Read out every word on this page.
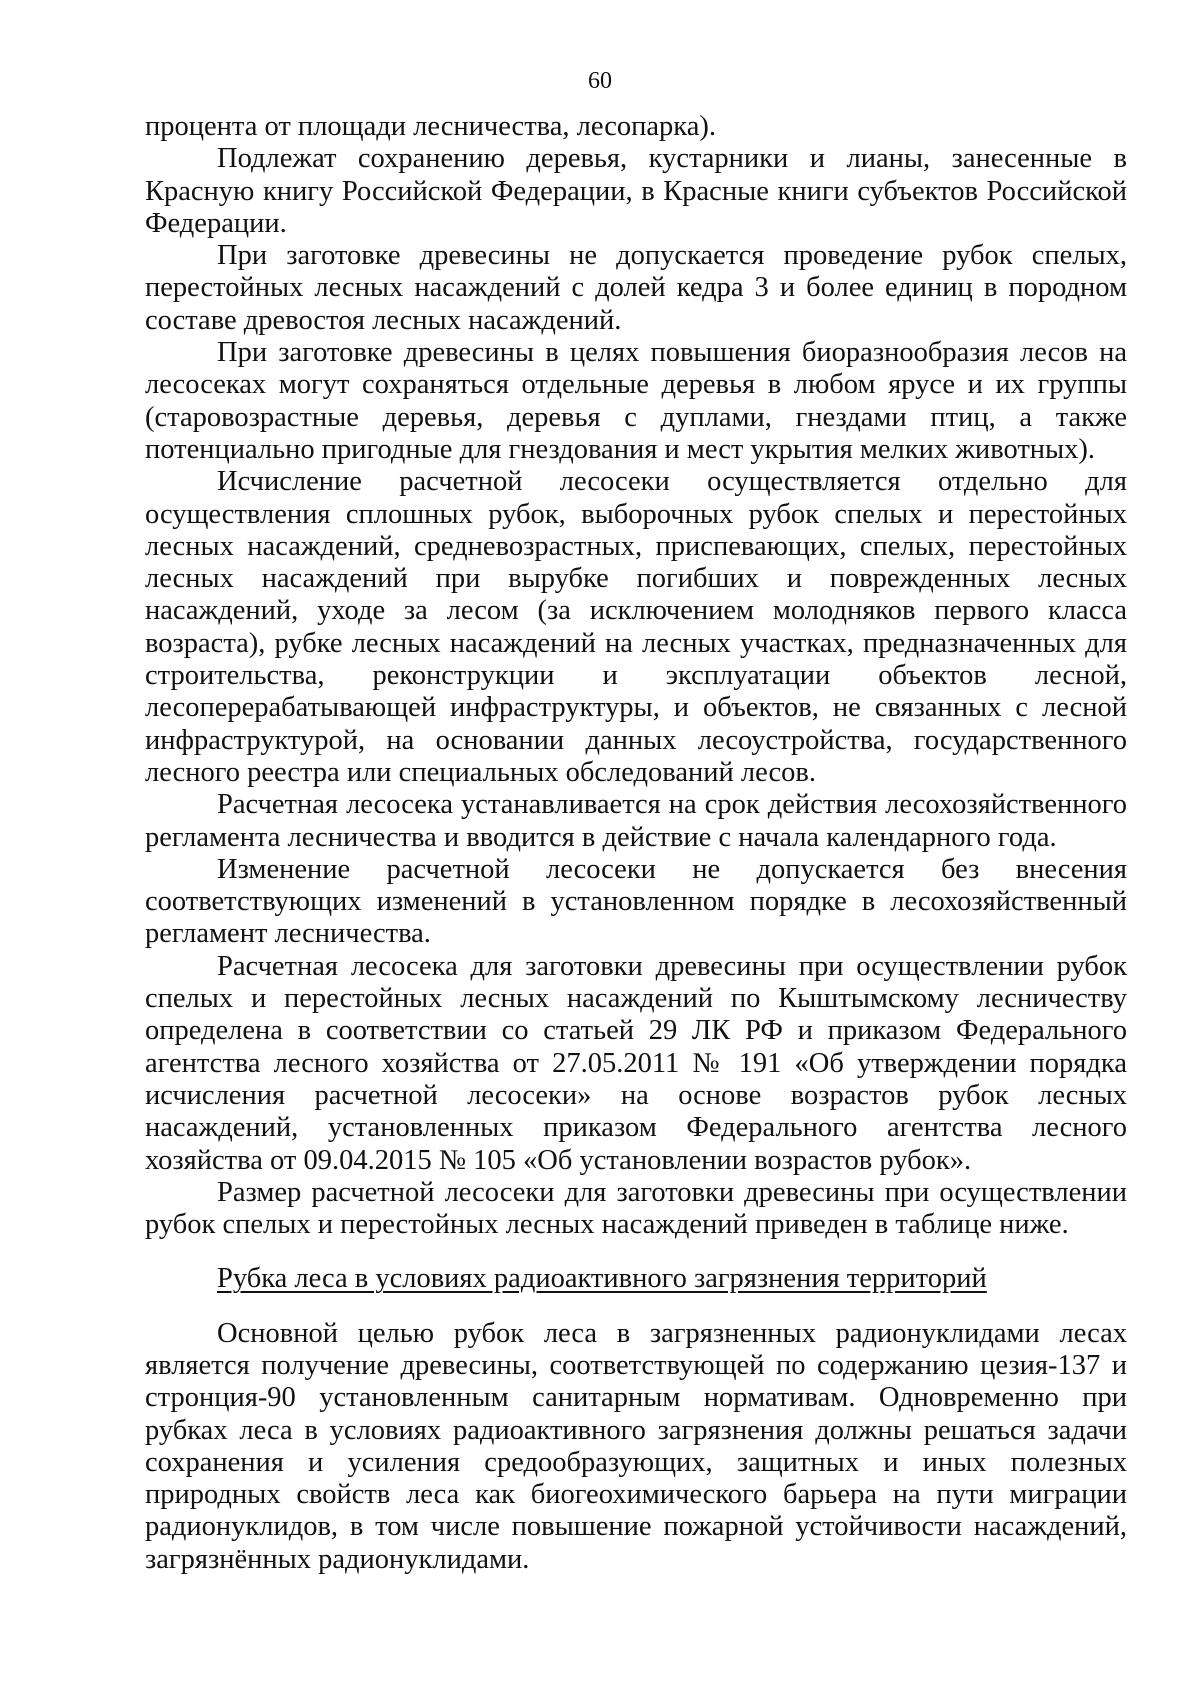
60

процента от площади лесничества, лесопарка).

Подлежат сохранению деревья, кустарники и лианы, занесенные в Красную книгу Российской Федерации, в Красные книги субъектов Российской Федерации.

При заготовке древесины не допускается проведение рубок спелых, перестойных лесных насаждений с долей кедра 3 и более единиц в породном составе древостоя лесных насаждений.

При заготовке древесины в целях повышения биоразнообразия лесов на лесосеках могут сохраняться отдельные деревья в любом ярусе и их группы (старовозрастные деревья, деревья с дуплами, гнездами птиц, а также потенциально пригодные для гнездования и мест укрытия мелких животных).

Исчисление расчетной лесосеки осуществляется отдельно для осуществления сплошных рубок, выборочных рубок спелых и перестойных лесных насаждений, средневозрастных, приспевающих, спелых, перестойных лесных насаждений при вырубке погибших и поврежденных лесных насаждений, уходе за лесом (за исключением молодняков первого класса возраста), рубке лесных насаждений на лесных участках, предназначенных для строительства, реконструкции и эксплуатации объектов лесной, лесоперерабатывающей инфраструктуры, и объектов, не связанных с лесной инфраструктурой, на основании данных лесоустройства, государственного лесного реестра или специальных обследований лесов.

Расчетная лесосека устанавливается на срок действия лесохозяйственного регламента лесничества и вводится в действие с начала календарного года.

Изменение расчетной лесосеки не допускается без внесения соответствующих изменений в установленном порядке в лесохозяйственный регламент лесничества.

Расчетная лесосека для заготовки древесины при осуществлении рубок спелых и перестойных лесных насаждений по Кыштымскому лесничеству определена в соответствии со статьей 29 ЛК РФ и приказом Федерального агентства лесного хозяйства от 27.05.2011 № 191 «Об утверждении порядка исчисления расчетной лесосеки» на основе возрастов рубок лесных насаждений, установленных приказом Федерального агентства лесного хозяйства от 09.04.2015 № 105 «Об установлении возрастов рубок».

Размер расчетной лесосеки для заготовки древесины при осуществлении рубок спелых и перестойных лесных насаждений приведен в таблице ниже.

Рубка леса в условиях радиоактивного загрязнения территорий

Основной целью рубок леса в загрязненных радионуклидами лесах является получение древесины, соответствующей по содержанию цезия-137 и стронция-90 установленным санитарным нормативам. Одновременно при рубках леса в условиях радиоактивного загрязнения должны решаться задачи сохранения и усиления средообразующих, защитных и иных полезных природных свойств леса как биогеохимического барьера на пути миграции радионуклидов, в том числе повышение пожарной устойчивости насаждений, загрязнённых радионуклидами.
